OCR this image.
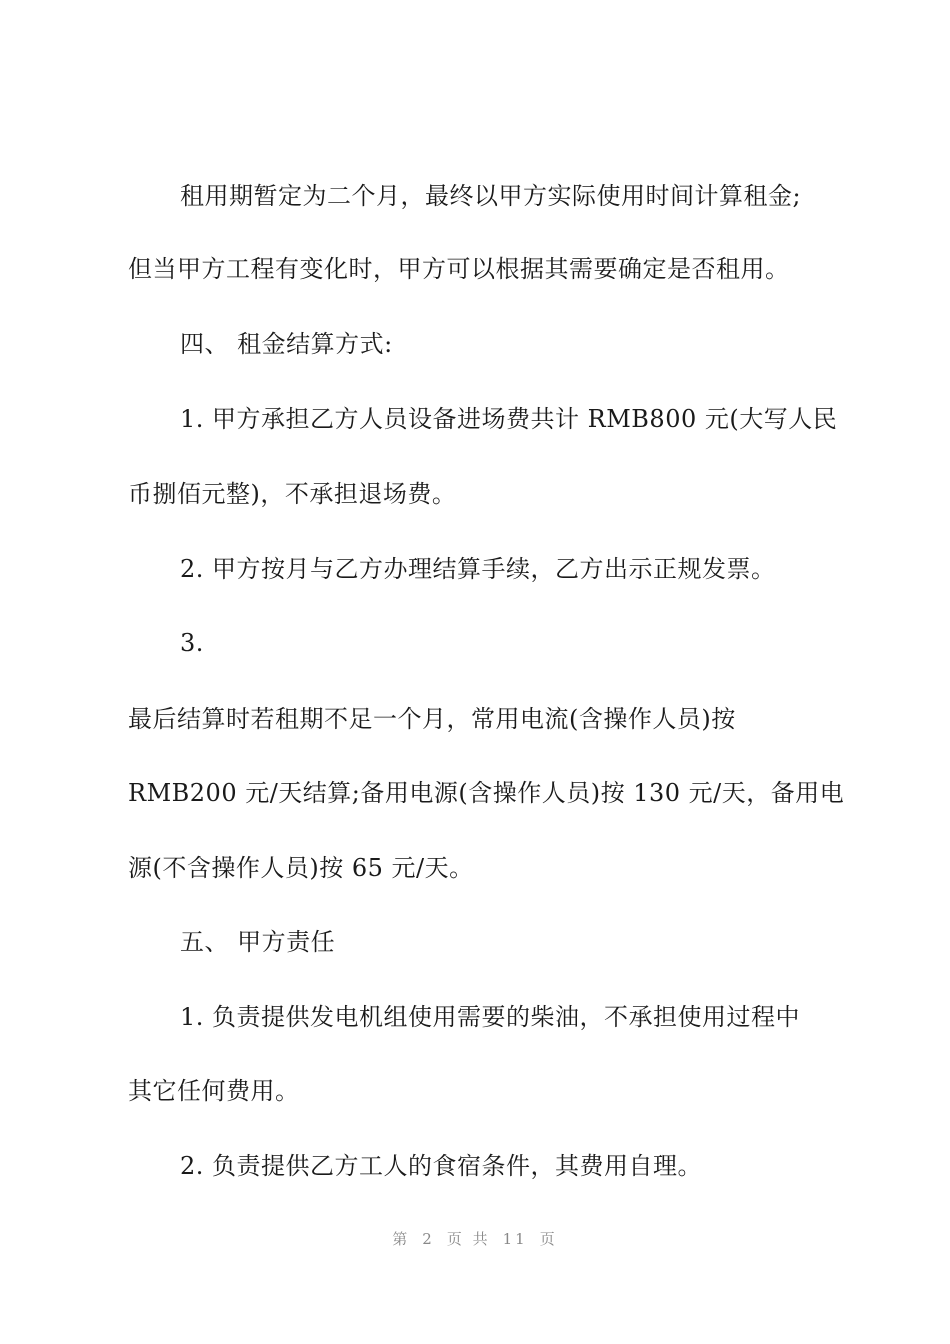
租用期暂定为二个月，最终以甲方实际使用时间计算租金;
但当甲方工程有变化时，甲方可以根据其需要确定是否租用。
四、 租金结算方式:
1. 甲方承担乙方人员设备进场费共计 RMB800 元(大写人民
币捌佰元整)，不承担退场费。
2. 甲方按月与乙方办理结算手续，乙方出示正规发票。
3.
最后结算时若租期不足一个月，常用电流(含操作人员)按
RMB200 元/天结算;备用电源(含操作人员)按 130 元/天，备用电
源(不含操作人员)按 65 元/天。
五、 甲方责任
1. 负责提供发电机组使用需要的柴油，不承担使用过程中
其它任何费用。
2. 负责提供乙方工人的食宿条件，其费用自理。
第 2 页 共 11 页
